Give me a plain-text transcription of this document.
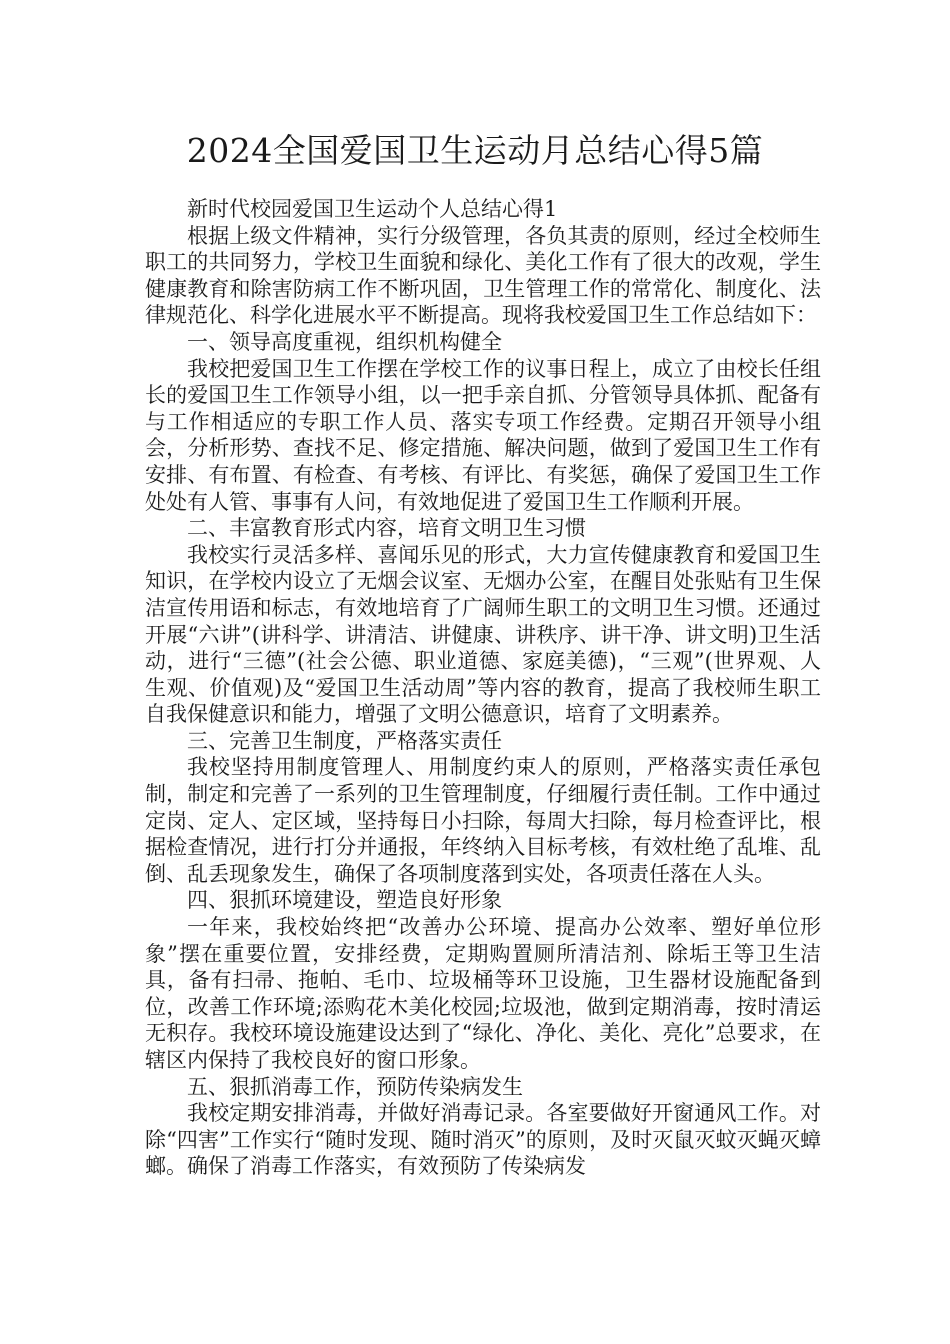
2024全国爱国卫生运动月总结心得5篇

新时代校园爱国卫生运动个人总结心得1

根据上级文件精神，实行分级管理，各负其责的原则，经过全校师生职工的共同努力，学校卫生面貌和绿化、美化工作有了很大的改观，学生健康教育和除害防病工作不断巩固，卫生管理工作的常常化、制度化、法律规范化、科学化进展水平不断提高。现将我校爱国卫生工作总结如下：

一、领导高度重视，组织机构健全

我校把爱国卫生工作摆在学校工作的议事日程上，成立了由校长任组长的爱国卫生工作领导小组，以一把手亲自抓、分管领导具体抓、配备有与工作相适应的专职工作人员、落实专项工作经费。定期召开领导小组会，分析形势、查找不足、修定措施、解决问题，做到了爱国卫生工作有安排、有布置、有检查、有考核、有评比、有奖惩，确保了爱国卫生工作处处有人管、事事有人问，有效地促进了爱国卫生工作顺利开展。

二、丰富教育形式内容，培育文明卫生习惯

我校实行灵活多样、喜闻乐见的形式，大力宣传健康教育和爱国卫生知识，在学校内设立了无烟会议室、无烟办公室，在醒目处张贴有卫生保洁宣传用语和标志，有效地培育了广阔师生职工的文明卫生习惯。还通过开展“六讲”(讲科学、讲清洁、讲健康、讲秩序、讲干净、讲文明)卫生活动，进行“三德”(社会公德、职业道德、家庭美德)，“三观”(世界观、人生观、价值观)及“爱国卫生活动周”等内容的教育，提高了我校师生职工自我保健意识和能力，增强了文明公德意识，培育了文明素养。

三、完善卫生制度，严格落实责任

我校坚持用制度管理人、用制度约束人的原则，严格落实责任承包制，制定和完善了一系列的卫生管理制度，仔细履行责任制。工作中通过定岗、定人、定区域，坚持每日小扫除，每周大扫除，每月检查评比，根据检查情况，进行打分并通报，年终纳入目标考核，有效杜绝了乱堆、乱倒、乱丢现象发生，确保了各项制度落到实处，各项责任落在人头。

四、狠抓环境建设，塑造良好形象

一年来，我校始终把“改善办公环境、提高办公效率、塑好单位形象”摆在重要位置，安排经费，定期购置厕所清洁剂、除垢王等卫生洁具，备有扫帚、拖帕、毛巾、垃圾桶等环卫设施，卫生器材设施配备到位，改善工作环境;添购花木美化校园;垃圾池，做到定期消毒，按时清运无积存。我校环境设施建设达到了“绿化、净化、美化、亮化”总要求，在辖区内保持了我校良好的窗口形象。

五、狠抓消毒工作，预防传染病发生

我校定期安排消毒，并做好消毒记录。各室要做好开窗通风工作。对除“四害”工作实行“随时发现、随时消灭”的原则，及时灭鼠灭蚊灭蝇灭蟑螂。确保了消毒工作落实，有效预防了传染病发
